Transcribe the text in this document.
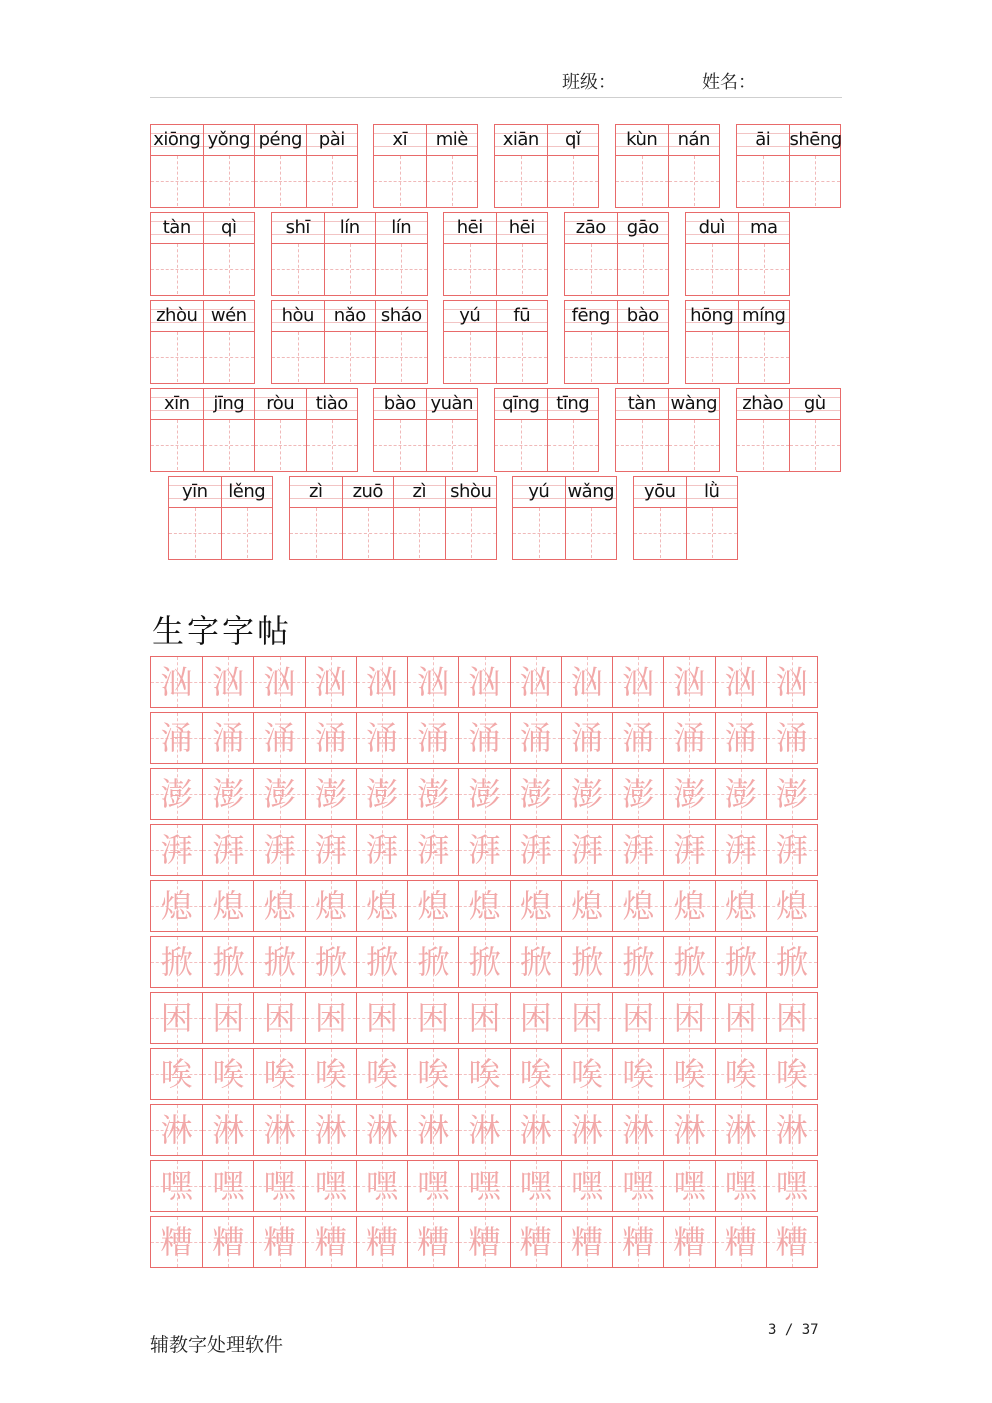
班级：	姓名：
xiōng yǒng péng pài	xī	miè	xiān	qǐ	kùn	nán	āi	shēng
tàn	qì	shī	lín	lín	hēi	hēi	zāo	gāo	duì	ma
zhòu wén	hòu	nǎo sháo	yú	fū	fēng bào	hōng míng
xīn	jīng	ròu	tiào	bào yuàn	qīng tīng	tàn wàng zhào	gù
yīn	lěng	zì	zuō	zì	shòu	yú	wǎng	yōu	lǜ
生字字帖
汹 汹 汹 汹 汹 汹 汹 汹 汹 汹 汹 汹 汹
涌 涌 涌 涌 涌 涌 涌 涌 涌 涌 涌 涌 涌
澎 澎 澎 澎 澎 澎 澎 澎 澎 澎 澎 澎 澎
湃 湃 湃 湃 湃 湃 湃 湃 湃 湃 湃 湃 湃
熄 熄 熄 熄 熄 熄 熄 熄 熄 熄 熄 熄 熄
掀 掀 掀 掀 掀 掀 掀 掀 掀 掀 掀 掀 掀
困 困 困 困 困 困 困 困 困 困 困 困 困
唉 唉 唉 唉 唉 唉 唉 唉 唉 唉 唉 唉 唉
淋 淋 淋 淋 淋 淋 淋 淋 淋 淋 淋 淋 淋
嘿 嘿 嘿 嘿 嘿 嘿 嘿 嘿 嘿 嘿 嘿 嘿 嘿
糟 糟 糟 糟 糟 糟 糟 糟 糟 糟 糟 糟 糟
辅教字处理软件
3 / 37
